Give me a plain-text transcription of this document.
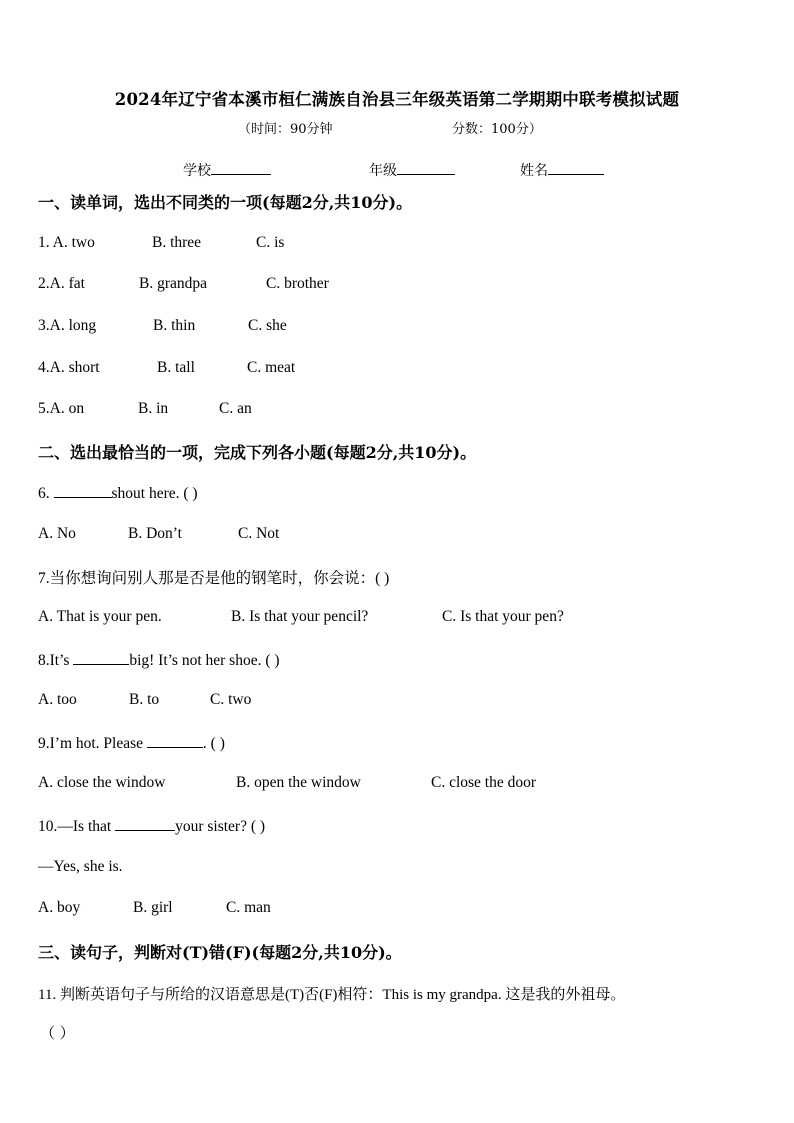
2024年辽宁省本溪市桓仁满族自治县三年级英语第二学期期中联考模拟试题
（时间：90分钟	分数：100分）
学校	年级	姓名
一、读单词，选出不同类的一项(每题2分,共10分)。
1. A. two	B. three	C. is
2.A. fat	B. grandpa	C. brother
3.A. long	B. thin	C. she
4.A. short	B. tall	C. meat
5.A. on	B. in	C. an
二、选出最恰当的一项，完成下列各小题(每题2分,共10分)。
6.	shout here. ( )
A. No	B. Don’t	C. Not
7.当你想询问别人那是否是他的钢笔时，你会说：( )
A. That is your pen.	B. Is that your pencil?	C. Is that your pen?
8.It’s	big! It’s not her shoe. ( )
A. too	B. to	C. two
9.I’m hot. Please	. ( )
A. close the window	B. open the window	C. close the door
10.—Is that	your sister? ( )
—Yes, she is.
A. boy	B. girl	C. man
三、读句子，判断对(T)错(F)(每题2分,共10分)。
11. 判断英语句子与所给的汉语意思是(T)否(F)相符：This is my grandpa. 这是我的外祖母。
（ ）
